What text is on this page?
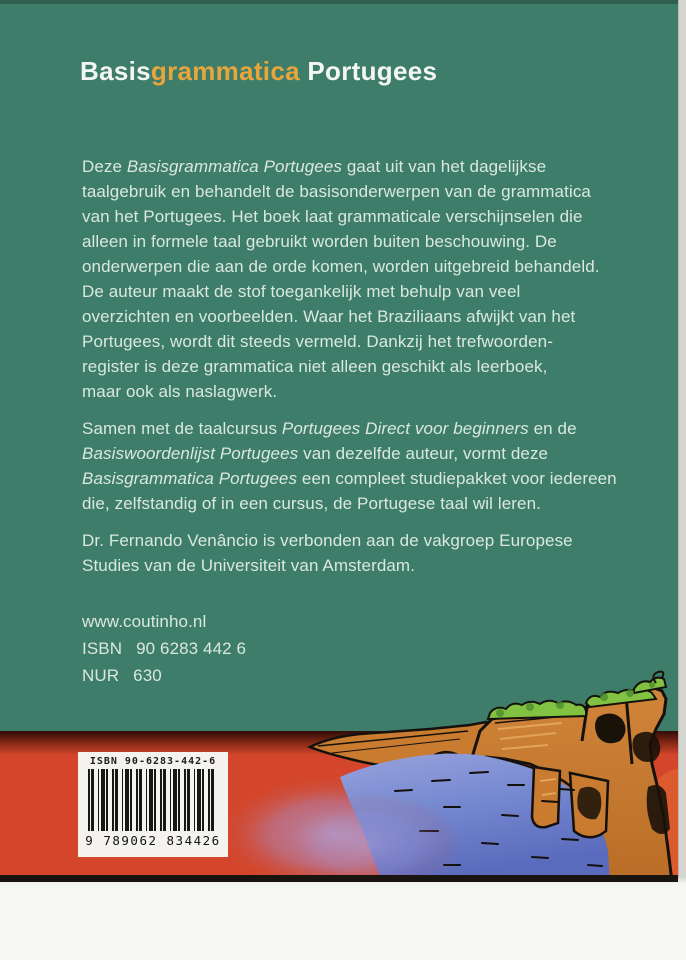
Basisgrammatica Portugees
Deze Basisgrammatica Portugees gaat uit van het dagelijkse
taalgebruik en behandelt de basisonderwerpen van de grammatica
van het Portugees. Het boek laat grammaticale verschijnselen die
alleen in formele taal gebruikt worden buiten beschouwing. De
onderwerpen die aan de orde komen, worden uitgebreid behandeld.
De auteur maakt de stof toegankelijk met behulp van veel
overzichten en voorbeelden. Waar het Braziliaans afwijkt van het
Portugees, wordt dit steeds vermeld. Dankzij het trefwoorden-
register is deze grammatica niet alleen geschikt als leerboek,
maar ook als naslagwerk.
Samen met de taalcursus Portugees Direct voor beginners en de
Basiswoordenlijst Portugees van dezelfde auteur, vormt deze
Basisgrammatica Portugees een compleet studiepakket voor iedereen
die, zelfstandig of in een cursus, de Portugese taal wil leren.
Dr. Fernando Venâncio is verbonden aan de vakgroep Europese
Studies van de Universiteit van Amsterdam.
www.coutinho.nl
ISBN 90 6283 442 6
NUR 630
ISBN 90-6283-442-6
9 789062 834426
